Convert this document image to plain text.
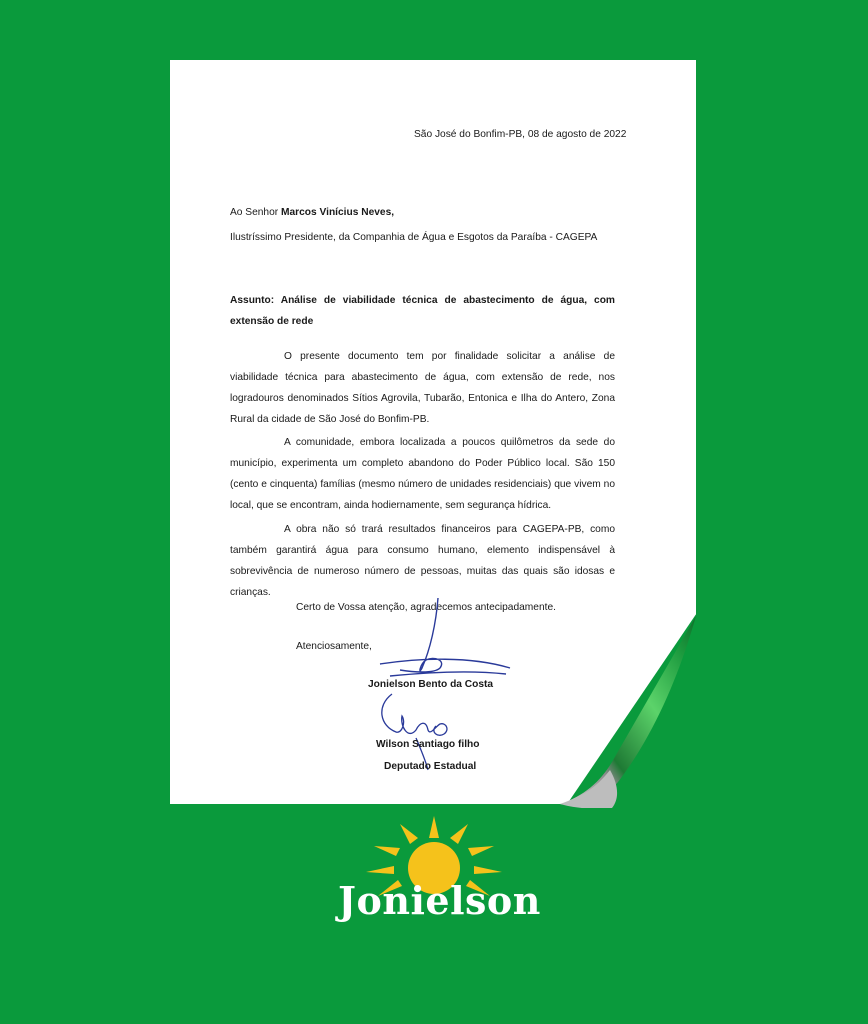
São José do Bonfim-PB, 08 de agosto de 2022
Ao Senhor Marcos Vinícius Neves,
Ilustríssimo Presidente, da Companhia de Água e Esgotos da Paraíba - CAGEPA
Assunto: Análise de viabilidade técnica de abastecimento de água, com extensão de rede
O presente documento tem por finalidade solicitar a análise de viabilidade técnica para abastecimento de água, com extensão de rede, nos logradouros denominados Sítios Agrovila, Tubarão, Entonica e Ilha do Antero, Zona Rural da cidade de São José do Bonfim-PB.
A comunidade, embora localizada a poucos quilômetros da sede do município, experimenta um completo abandono do Poder Público local. São 150 (cento e cinquenta) famílias (mesmo número de unidades residenciais) que vivem no local, que se encontram, ainda hodiernamente, sem segurança hídrica.
A obra não só trará resultados financeiros para CAGEPA-PB, como também garantirá água para consumo humano, elemento indispensável à sobrevivência de numeroso número de pessoas, muitas das quais são idosas e crianças.
Certo de Vossa atenção, agradecemos antecipadamente.
Atenciosamente,
Jonielson Bento da Costa
Wilson Santiago filho
Deputado Estadual
Jonielson
